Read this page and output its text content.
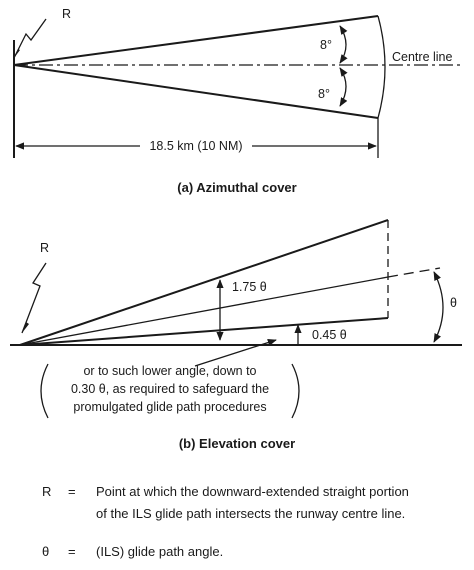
8°
8°
Centre line
R
18.5 km (10 NM)
(a) Azimuthal cover
1.75 θ
0.45 θ
θ
R
or to such lower angle, down to
0.30 θ, as required to safeguard the
promulgated glide path procedures
(b) Elevation cover
R = Point at which the downward-extended straight portion
of the ILS glide path intersects the runway centre line.
θ = (ILS) glide path angle.
